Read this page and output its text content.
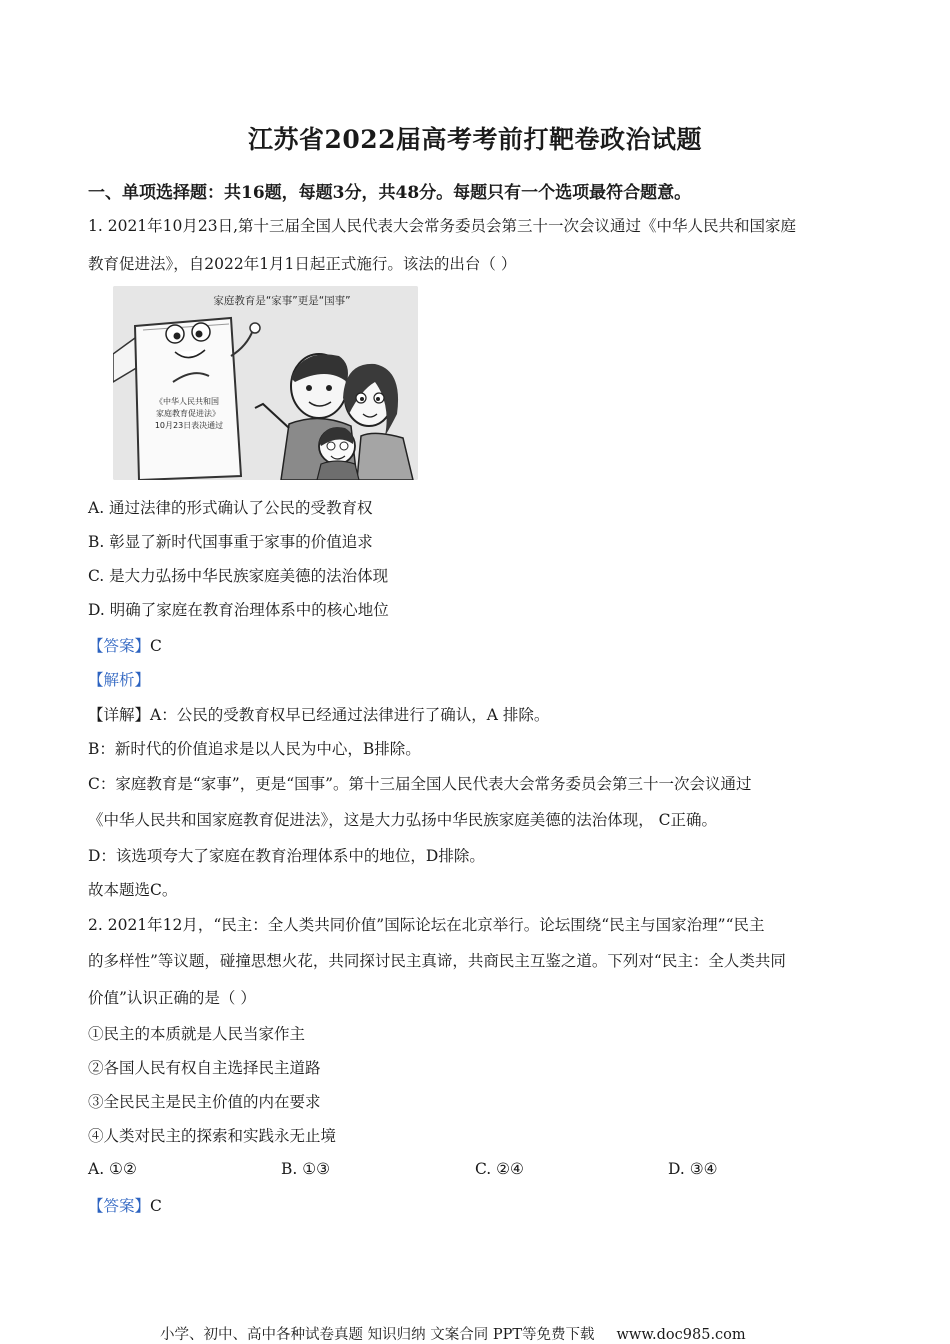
江苏省2022届高考考前打靶卷政治试题
一、单项选择题：共16题，每题3分，共48分。每题只有一个选项最符合题意。
1. 2021年10月23日,第十三届全国人民代表大会常务委员会第三十一次会议通过《中华人民共和国家庭
教育促进法》，自2022年1月1日起正式施行。该法的出台（ ）
家庭教育是“家事”更是“国事”
《中华人民共和国
家庭教育促进法》
10月23日表决通过
A. 通过法律的形式确认了公民的受教育权
B. 彰显了新时代国事重于家事的价值追求
C. 是大力弘扬中华民族家庭美德的法治体现
D. 明确了家庭在教育治理体系中的核心地位
【答案】C
【解析】
【详解】A：公民的受教育权早已经通过法律进行了确认，A 排除。
B：新时代的价值追求是以人民为中心，B排除。
C：家庭教育是“家事”，更是“国事”。第十三届全国人民代表大会常务委员会第三十一次会议通过
《中华人民共和国家庭教育促进法》，这是大力弘扬中华民族家庭美德的法治体现， C正确。
D：该选项夸大了家庭在教育治理体系中的地位，D排除。
故本题选C。
2. 2021年12月，“民主：全人类共同价值”国际论坛在北京举行。论坛围绕“民主与国家治理”“民主
的多样性”等议题，碰撞思想火花，共同探讨民主真谛，共商民主互鉴之道。下列对“民主：全人类共同
价值”认识正确的是（ ）
①民主的本质就是人民当家作主
②各国人民有权自主选择民主道路
③全民民主是民主价值的内在要求
④人类对民主的探索和实践永无止境
A. ①②	B. ①③	C. ②④	D. ③④
【答案】C
小学、初中、高中各种试卷真题 知识归纳 文案合同 PPT等免费下载 www.doc985.com
